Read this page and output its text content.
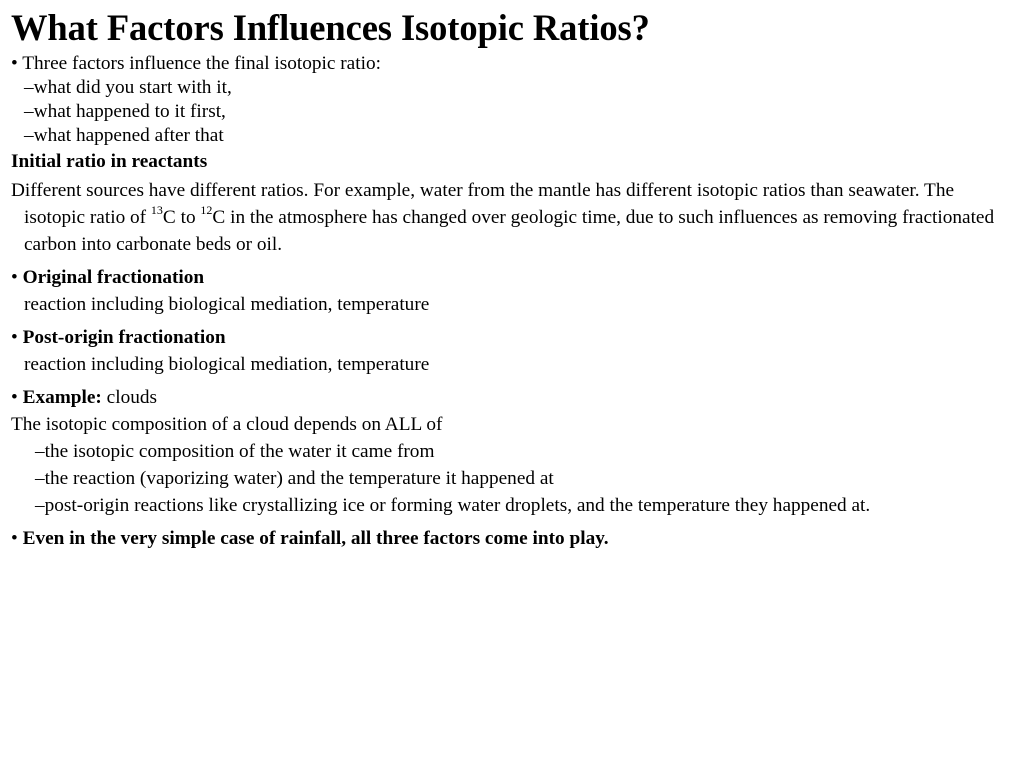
What Factors Influences Isotopic Ratios?

• Three factors influence the final isotopic ratio:

–what did you start with it,

–what happened to it first,

–what happened after that

Initial ratio in reactants

Different sources have different ratios. For example, water from the mantle has different isotopic ratios than seawater. The isotopic ratio of $^{13}$C to $^{12}$C in the atmosphere has changed over geologic time, due to such influences as removing fractionated carbon into carbonate beds or oil.

• Original fractionation

reaction including biological mediation, temperature

• Post-origin fractionation

reaction including biological mediation, temperature

• Example: clouds

The isotopic composition of a cloud depends on ALL of

–the isotopic composition of the water it came from

–the reaction (vaporizing water) and the temperature it happened at

–post-origin reactions like crystallizing ice or forming water droplets, and the temperature they happened at.

• Even in the very simple case of rainfall, all three factors come into play.
